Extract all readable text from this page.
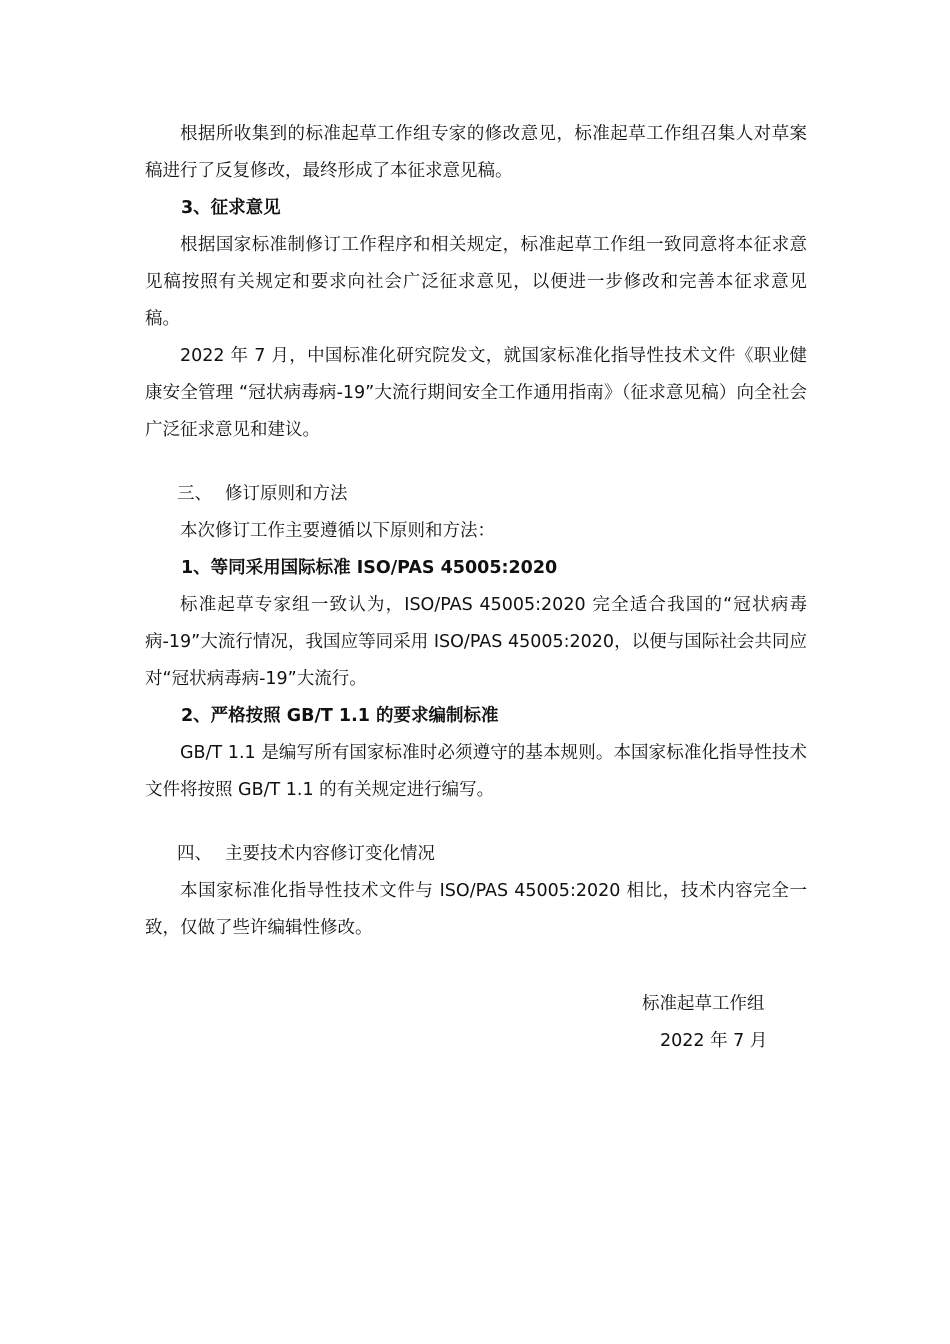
根据所收集到的标准起草工作组专家的修改意见，标准起草工作组召集人对草案稿进行了反复修改，最终形成了本征求意见稿。

3、征求意见

根据国家标准制修订工作程序和相关规定，标准起草工作组一致同意将本征求意见稿按照有关规定和要求向社会广泛征求意见，以便进一步修改和完善本征求意见稿。

2022 年 7 月，中国标准化研究院发文，就国家标准化指导性技术文件《职业健康安全管理 “冠状病毒病-19”大流行期间安全工作通用指南》（征求意见稿）向全社会广泛征求意见和建议。

三、 修订原则和方法

本次修订工作主要遵循以下原则和方法：

1、等同采用国际标准 ISO/PAS 45005:2020

标准起草专家组一致认为，ISO/PAS 45005:2020 完全适合我国的“冠状病毒病-19”大流行情况，我国应等同采用 ISO/PAS 45005:2020，以便与国际社会共同应对“冠状病毒病-19”大流行。

2、严格按照 GB/T 1.1 的要求编制标准

GB/T 1.1 是编写所有国家标准时必须遵守的基本规则。本国家标准化指导性技术文件将按照 GB/T 1.1 的有关规定进行编写。

四、 主要技术内容修订变化情况

本国家标准化指导性技术文件与 ISO/PAS 45005:2020 相比，技术内容完全一致，仅做了些许编辑性修改。

标准起草工作组

2022 年 7 月
